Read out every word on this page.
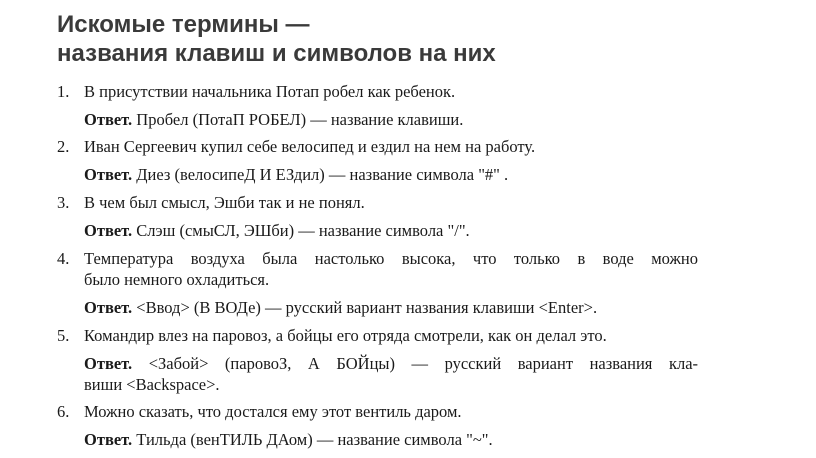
Искомые термины —
названия клавиш и символов на них
1. В присутствии начальника Потап робел как ребенок.
Ответ. Пробел (ПотаП РОБЕЛ) — название клавиши.
2. Иван Сергеевич купил себе велосипед и ездил на нем на работу.
Ответ. Диез (велосипеД И ЕЗдил) — название символа "#" .
3. В чем был смысл, Эшби так и не понял.
Ответ. Слэш (смыСЛ, ЭШби) — название символа "/".
4. Температура воздуха была настолько высока, что только в воде можно
было немного охладиться.
Ответ. <Ввод> (В ВОДе) — русский вариант названия клавиши <Enter>.
5. Командир влез на паровоз, а бойцы его отряда смотрели, как он делал это.
Ответ. <Забой> (паровоЗ, А БОЙцы) — русский вариант названия кла-
виши <Backspace>.
6. Можно сказать, что достался ему этот вентиль даром.
Ответ. Тильда (венТИЛЬ ДАом) — название символа "~".
